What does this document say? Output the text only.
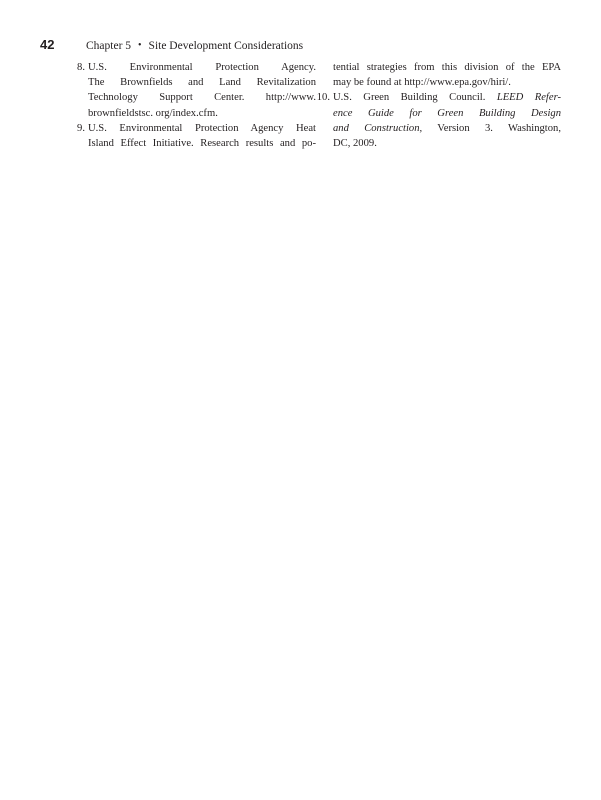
42	Chapter 5 • Site Development Considerations
8. U.S. Environmental Protection Agency.
The Brownfields and Land Revitalization
Technology Support Center. http://www.
brownfieldstsc. org/index.cfm.
9. U.S. Environmental Protection Agency Heat
Island Effect Initiative. Research results and po-
tential strategies from this division of the EPA
may be found at http://www.epa.gov/hiri/.
10. U.S. Green Building Council. LEED Refer-
ence Guide for Green Building Design
and Construction, Version 3. Washington,
DC, 2009.
